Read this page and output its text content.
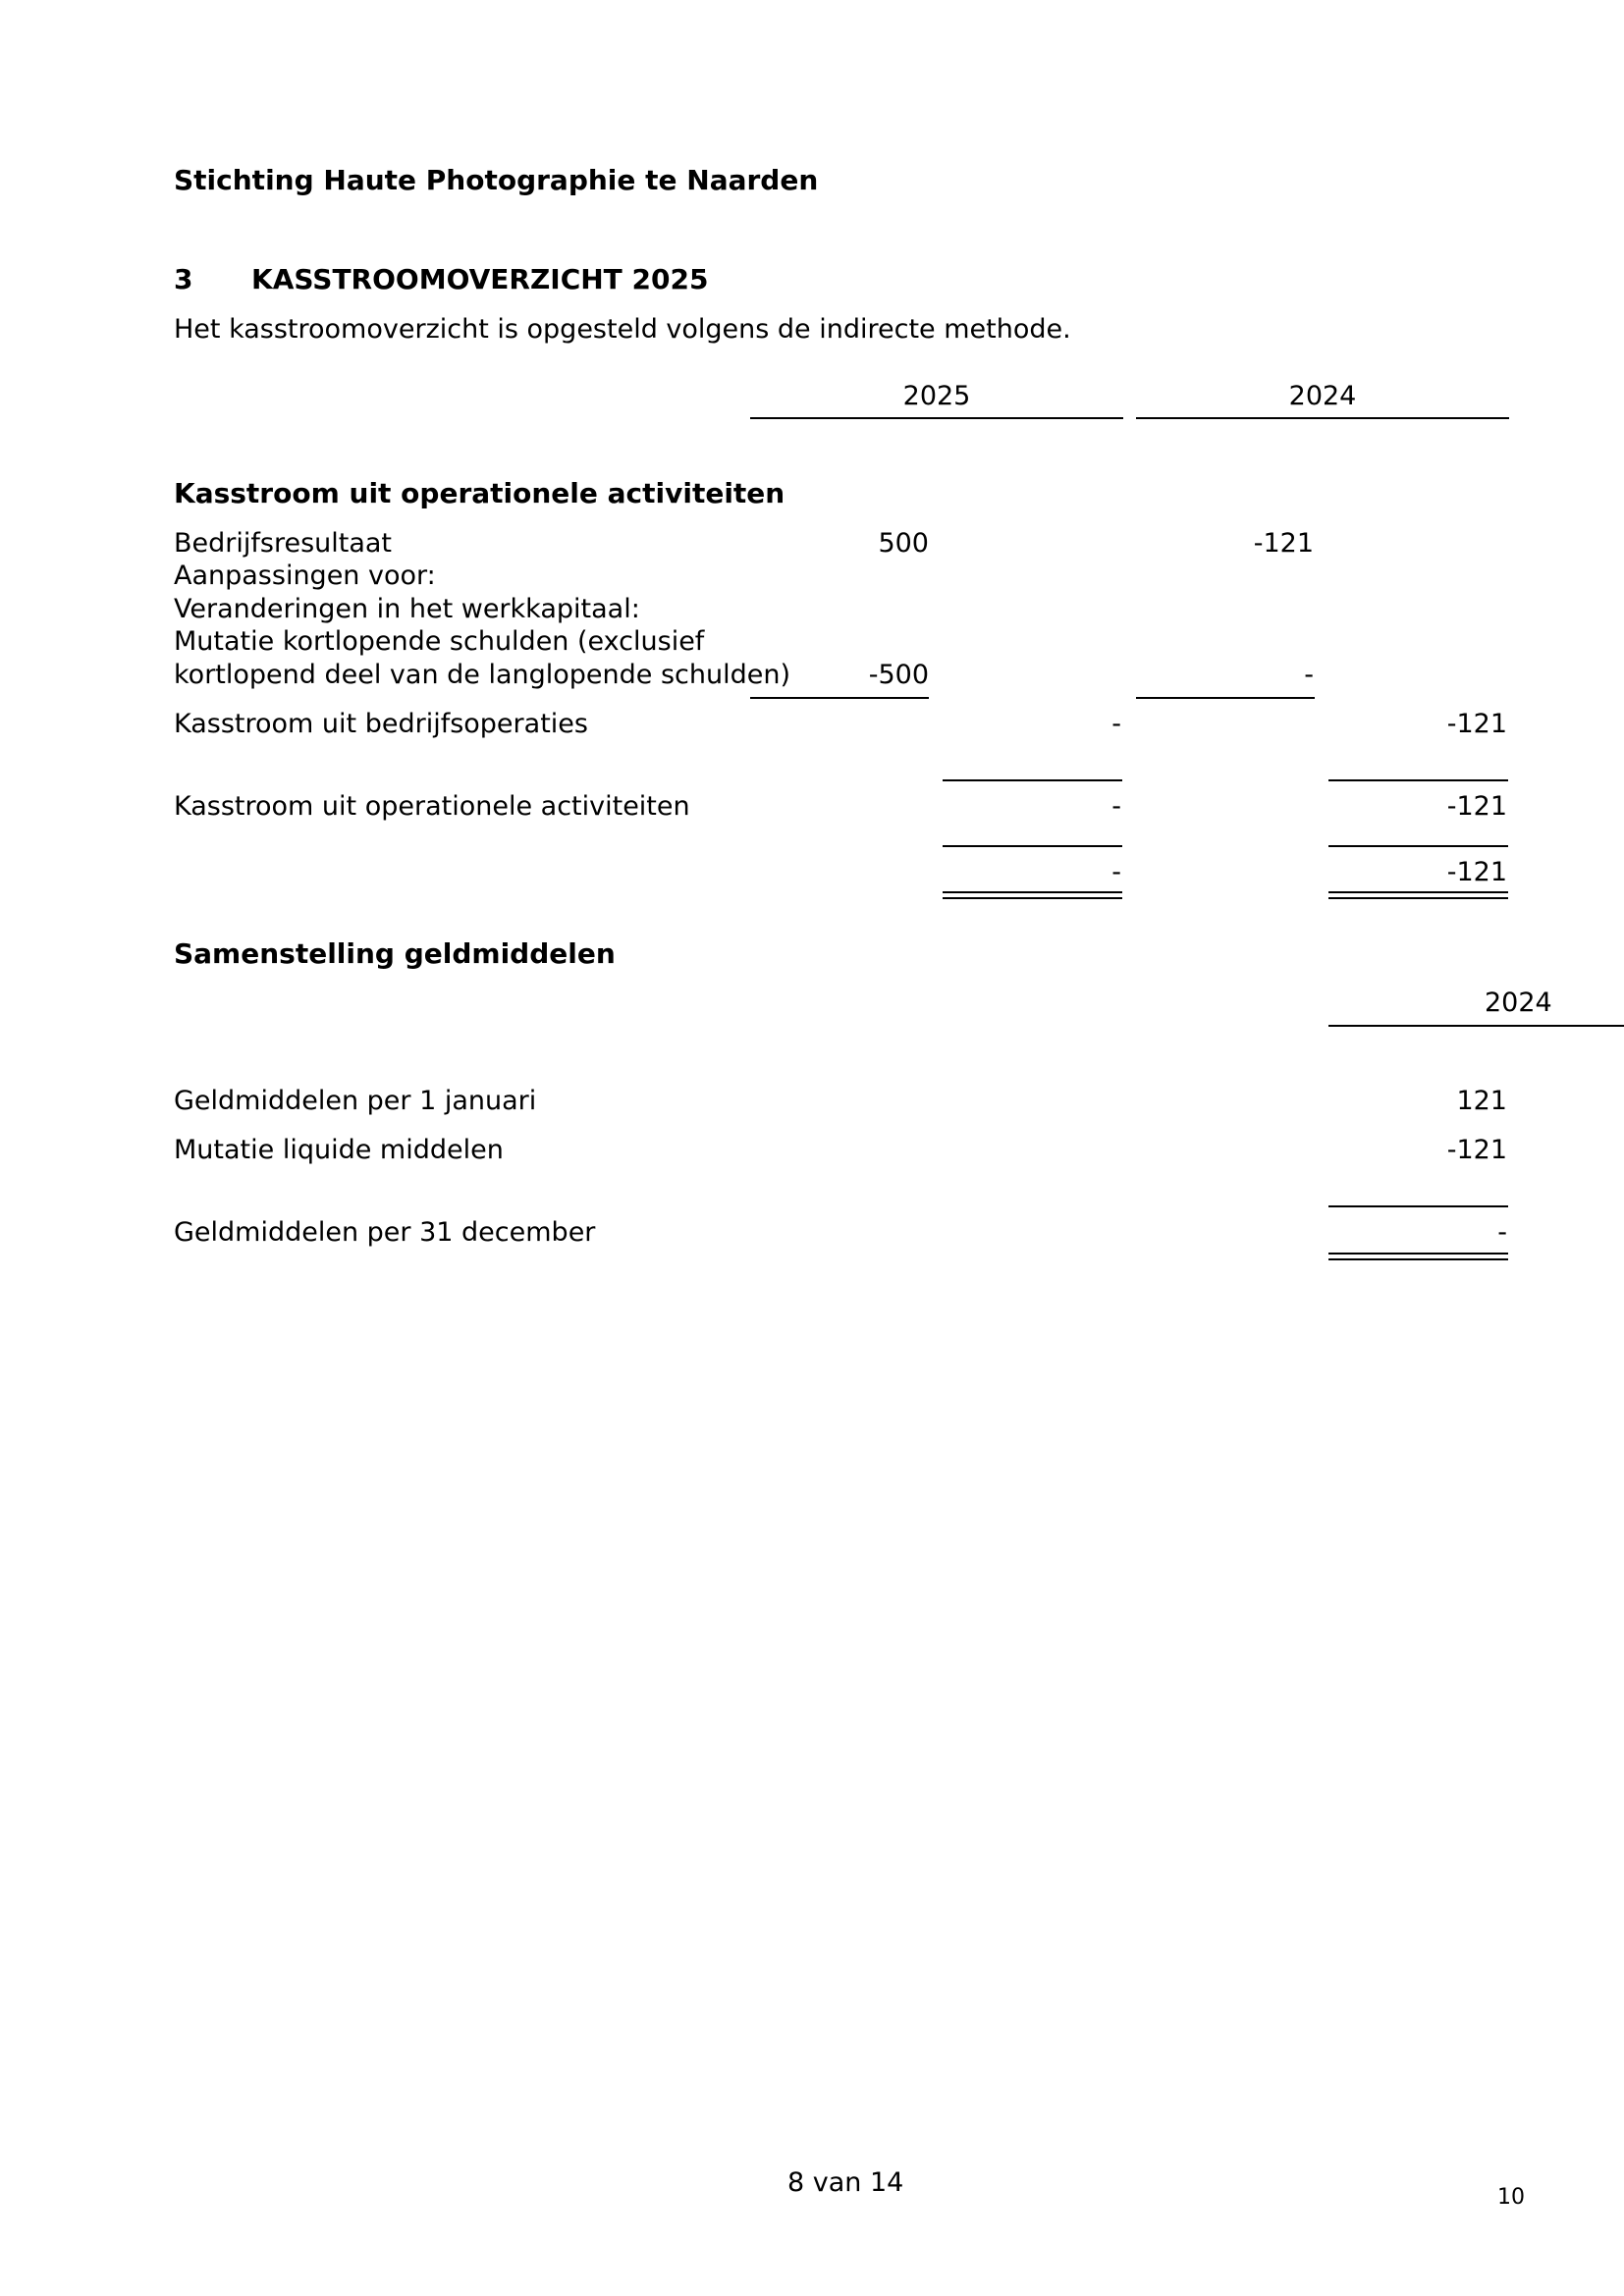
Stichting Haute Photographie te Naarden
3 KASSTROOMOVERZICHT 2025
Het kasstroomoverzicht is opgesteld volgens de indirecte methode.
2025	2024
Kasstroom uit operationele activiteiten
Bedrijfsresultaat	500	-121
Aanpassingen voor:
Veranderingen in het werkkapitaal:
Mutatie kortlopende schulden (exclusief
kortlopend deel van de langlopende schulden)	-500	-
Kasstroom uit bedrijfsoperaties	-	-121
Kasstroom uit operationele activiteiten	-	-121
-	-121
Samenstelling geldmiddelen
2024
Geldmiddelen per 1 januari	121
Mutatie liquide middelen	-121
Geldmiddelen per 31 december	-
8 van 14	10
